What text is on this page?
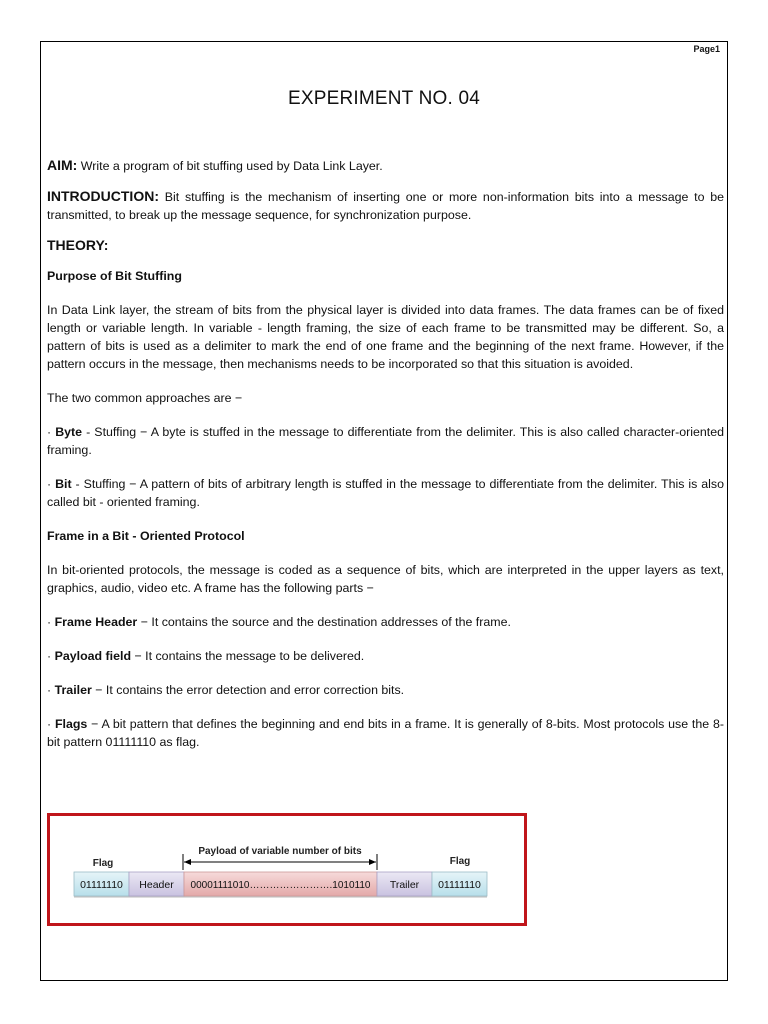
Page1
EXPERIMENT NO. 04

AIM: Write a program of bit stuffing used by Data Link Layer.

INTRODUCTION: Bit stuffing is the mechanism of inserting one or more non-information bits into a message to be transmitted, to break up the message sequence, for synchronization purpose.

THEORY:

Purpose of Bit Stuffing

In Data Link layer, the stream of bits from the physical layer is divided into data frames. The data frames can be of fixed length or variable length. In variable - length framing, the size of each frame to be transmitted may be different. So, a pattern of bits is used as a delimiter to mark the end of one frame and the beginning of the next frame. However, if the pattern occurs in the message, then mechanisms needs to be incorporated so that this situation is avoided.

The two common approaches are −

· Byte - Stuffing − A byte is stuffed in the message to differentiate from the delimiter. This is also called character-oriented framing.

· Bit - Stuffing − A pattern of bits of arbitrary length is stuffed in the message to differentiate from the delimiter. This is also called bit - oriented framing.

Frame in a Bit - Oriented Protocol

In bit-oriented protocols, the message is coded as a sequence of bits, which are interpreted in the upper layers as text, graphics, audio, video etc. A frame has the following parts −

· Frame Header − It contains the source and the destination addresses of the frame.

· Payload field − It contains the message to be delivered.

· Trailer − It contains the error detection and error correction bits.

· Flags − A bit pattern that defines the beginning and end bits in a frame. It is generally of 8-bits. Most protocols use the 8-bit pattern 01111110 as flag.

Payload of variable number of bits
Flag	Flag
01111110 Header 00001111010…………………….1010110 Trailer 01111110
